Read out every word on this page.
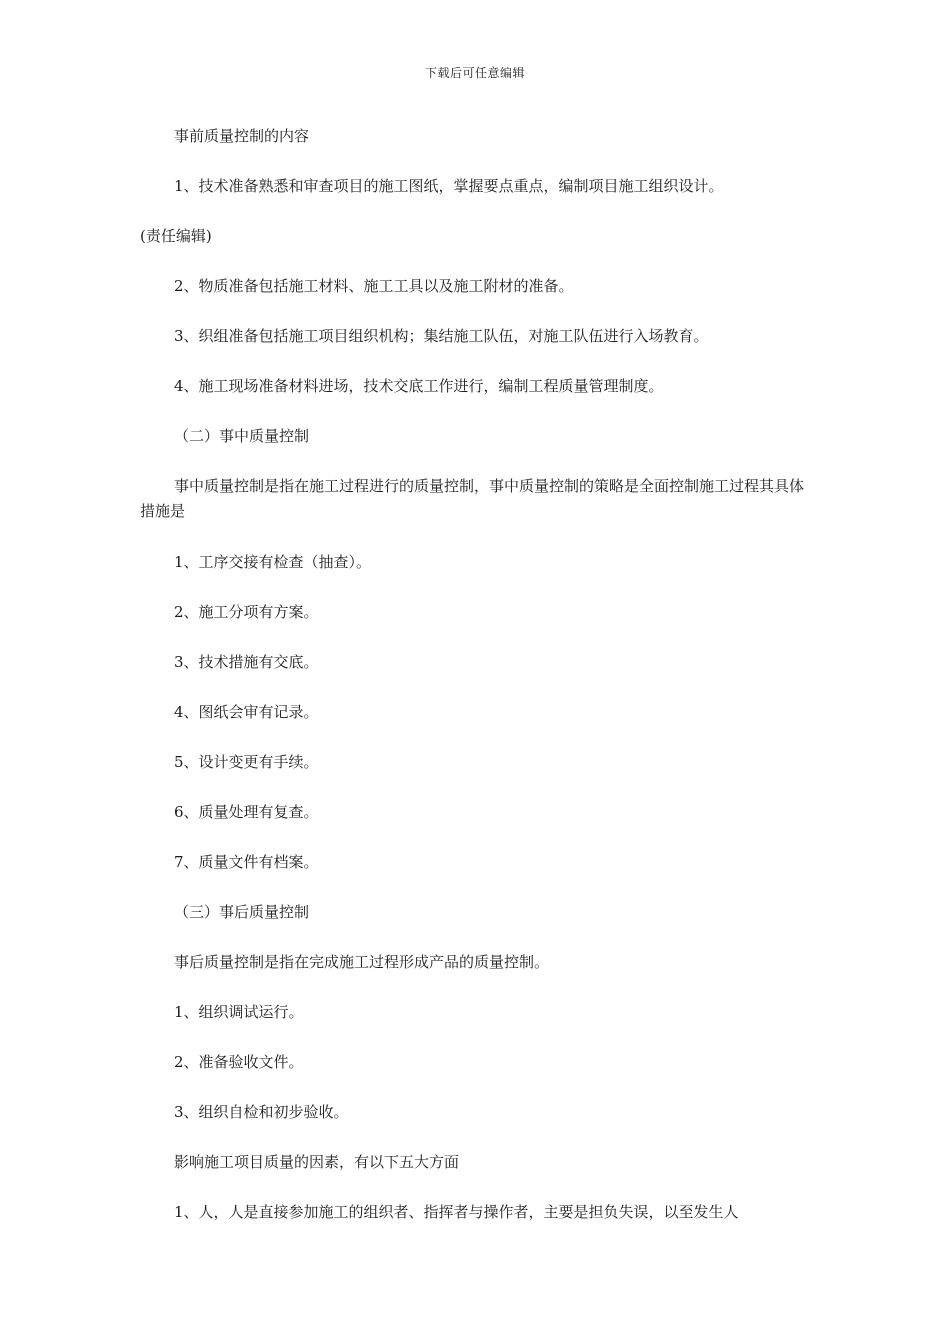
下载后可任意编辑

事前质量控制的内容

1、技术准备熟悉和审查项目的施工图纸，掌握要点重点，编制项目施工组织设计。

(责任编辑)

2、物质准备包括施工材料、施工工具以及施工附材的准备。

3、织组准备包括施工项目组织机构；集结施工队伍，对施工队伍进行入场教育。

4、施工现场准备材料进场，技术交底工作进行，编制工程质量管理制度。

（二）事中质量控制

事中质量控制是指在施工过程进行的质量控制，事中质量控制的策略是全面控制施工过程其具体措施是

1、工序交接有检查（抽查）。

2、施工分项有方案。

3、技术措施有交底。

4、图纸会审有记录。

5、设计变更有手续。

6、质量处理有复查。

7、质量文件有档案。

（三）事后质量控制

事后质量控制是指在完成施工过程形成产品的质量控制。

1、组织调试运行。

2、准备验收文件。

3、组织自检和初步验收。

影响施工项目质量的因素，有以下五大方面

1、人，人是直接参加施工的组织者、指挥者与操作者，主要是担负失误，以至发生人
